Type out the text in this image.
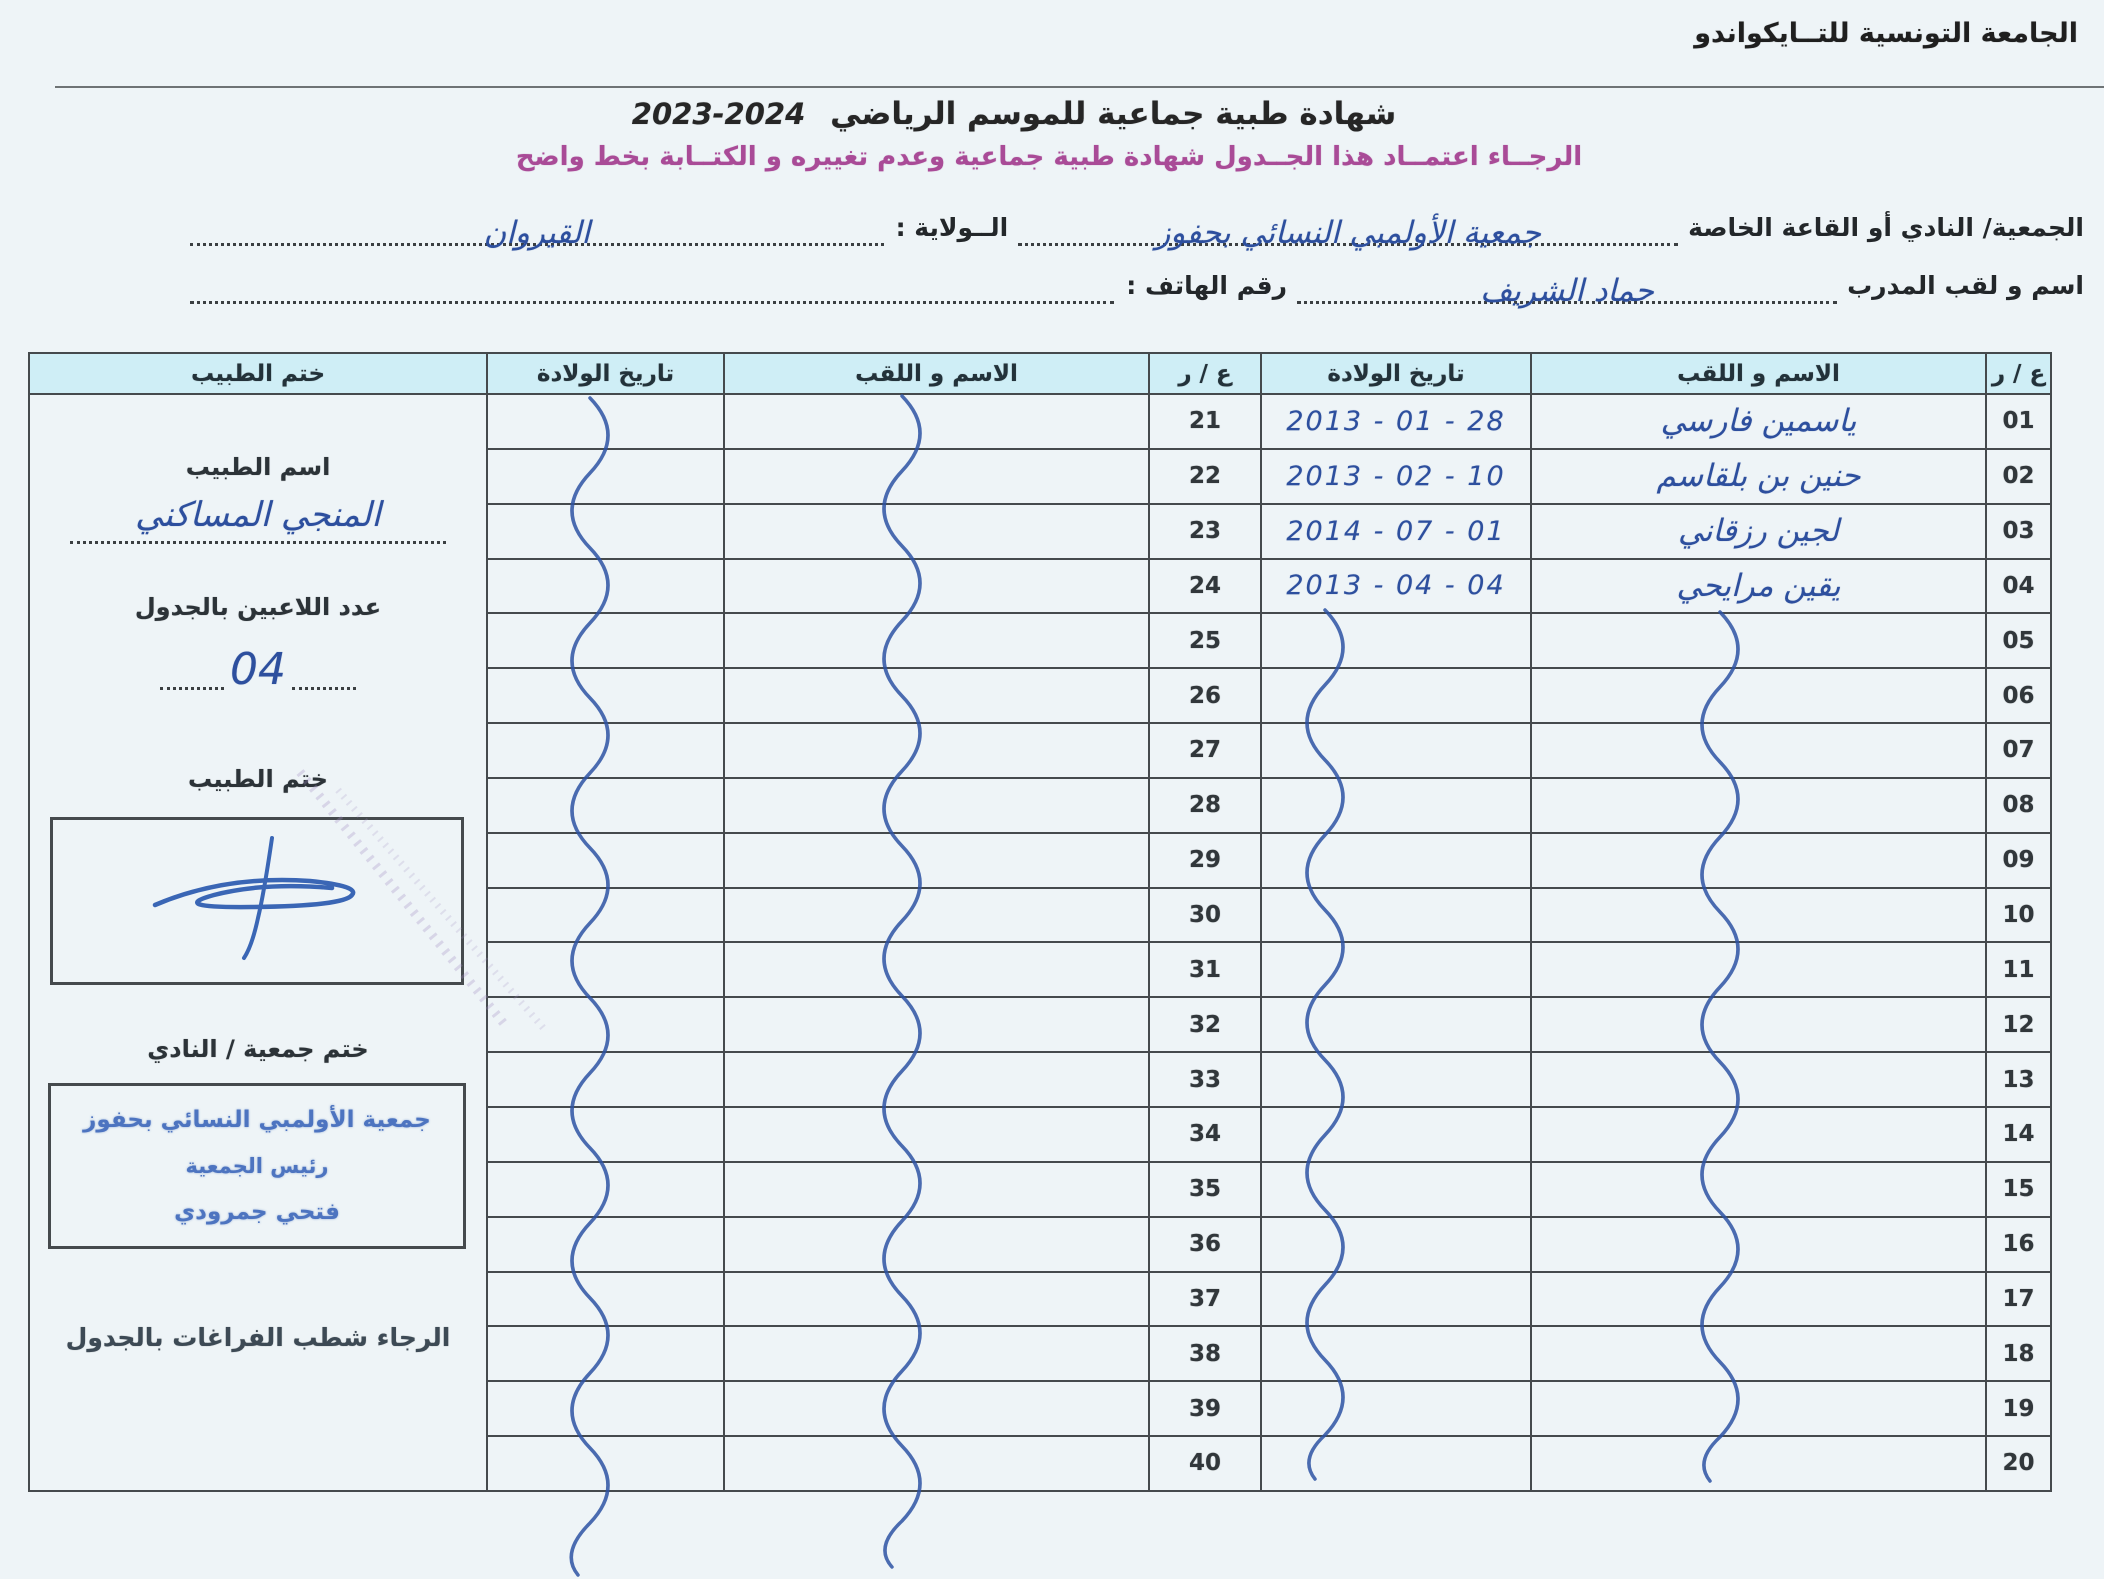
الجامعة التونسية للتــايكواندو
شهادة طبية جماعية للموسم الرياضي 2024-2023
الرجــاء اعتمــاد هذا الجــدول شهادة طبية جماعية وعدم تغييره و الكتــابة بخط واضح
الجمعية/ النادي أو القاعة الخاصة
جمعية الأولمبي النسائي بحفوز
الــولاية :
القيروان
اسم و لقب المدرب
حماد الشريف
رقم الهاتف :
ع / ر	الاسم و اللقب	تاريخ الولادة	ع / ر	الاسم و اللقب	تاريخ الولادة	ختم الطبيب
01	ياسمين فارسي	2013 - 01 - 28	21			
اسم الطبيب
المنجي المساكني
عدد اللاعبين بالجدول
04
ختم الطبيب
ختم جمعية / النادي
جمعية الأولمبي النسائي بحفوز
رئيس الجمعية
فتحي جمرودي
الرجاء شطب الفراغات بالجدول

02	حنين بن بلقاسم	2013 - 02 - 10	22			
03	لجين رزقاني	2014 - 07 - 01	23			
04	يقين مرايحي	2013 - 04 - 04	24			
05			25			
06			26			
07			27			
08			28			
09			29			
10			30			
11			31			
12			32			
13			33			
14			34			
15			35			
16			36			
17			37			
18			38			
19			39			
20			40			
